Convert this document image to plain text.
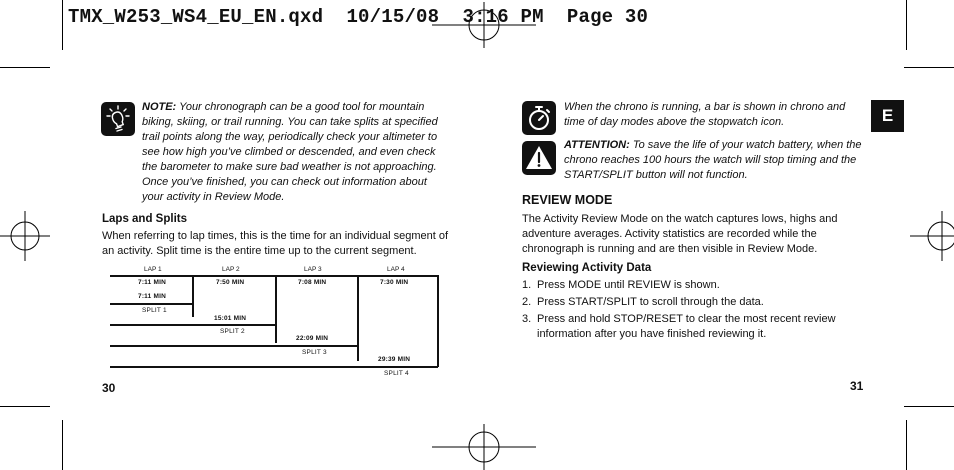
TMX_W253_WS4_EU_EN.qxd  10/15/08  3:16 PM  Page 30
NOTE: Your chronograph can be a good tool for mountain biking, skiing, or trail running. You can take splits at specified trail points along the way, periodically check your altimeter to see how high you’ve climbed or descended, and even check the barometer to make sure bad weather is not approaching. Once you’ve finished, you can check out information about your activity in Review Mode.
Laps and Splits
When referring to lap times, this is the time for an individual segment of an activity. Split time is the entire time up to the current segment.
LAP 1	LAP 2	LAP 3	LAP 4
7:11 MIN	7:50 MIN	7:08 MIN	7:30 MIN
7:11 MIN
SPLIT 1
15:01 MIN
SPLIT 2
22:09 MIN
SPLIT 3
29:39 MIN
SPLIT 4
30
When the chrono is running, a bar is shown in chrono and time of day modes above the stopwatch icon.
ATTENTION: To save the life of your watch battery, when the chrono reaches 100 hours the watch will stop timing and the START/SPLIT button will not function.
REVIEW MODE
The Activity Review Mode on the watch captures lows, highs and adventure averages. Activity statistics are recorded while the chronograph is running and are then visible in Review Mode.
Reviewing Activity Data
1. Press MODE until REVIEW is shown.
2. Press START/SPLIT to scroll through the data.
3. Press and hold STOP/RESET to clear the most recent review information after you have finished reviewing it.
E
31
